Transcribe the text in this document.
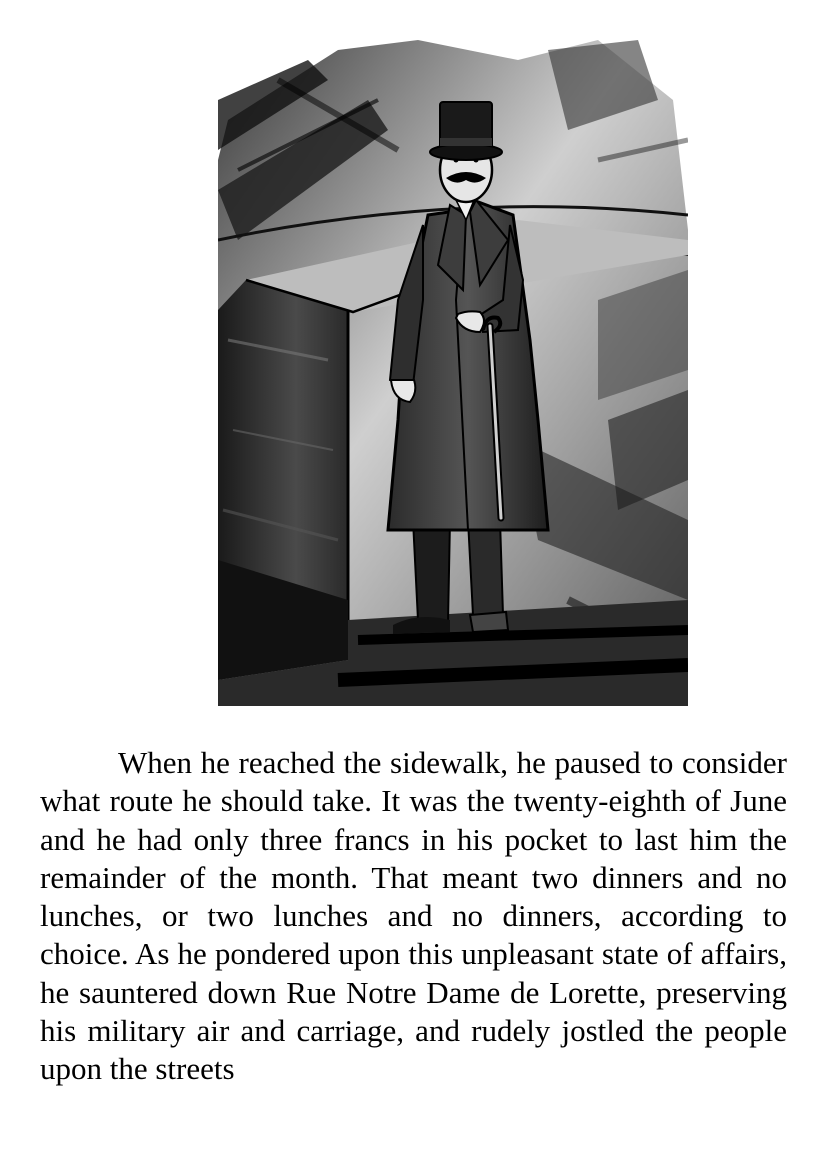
When he reached the sidewalk, he paused to consider what route he should take. It was the twenty-eighth of June and he had only three francs in his pocket to last him the remainder of the month. That meant two dinners and no lunches, or two lunches and no dinners, according to choice. As he pondered upon this unpleasant state of affairs, he sauntered down Rue Notre Dame de Lorette, preserving his military air and carriage, and rudely jostled the people upon the streets
